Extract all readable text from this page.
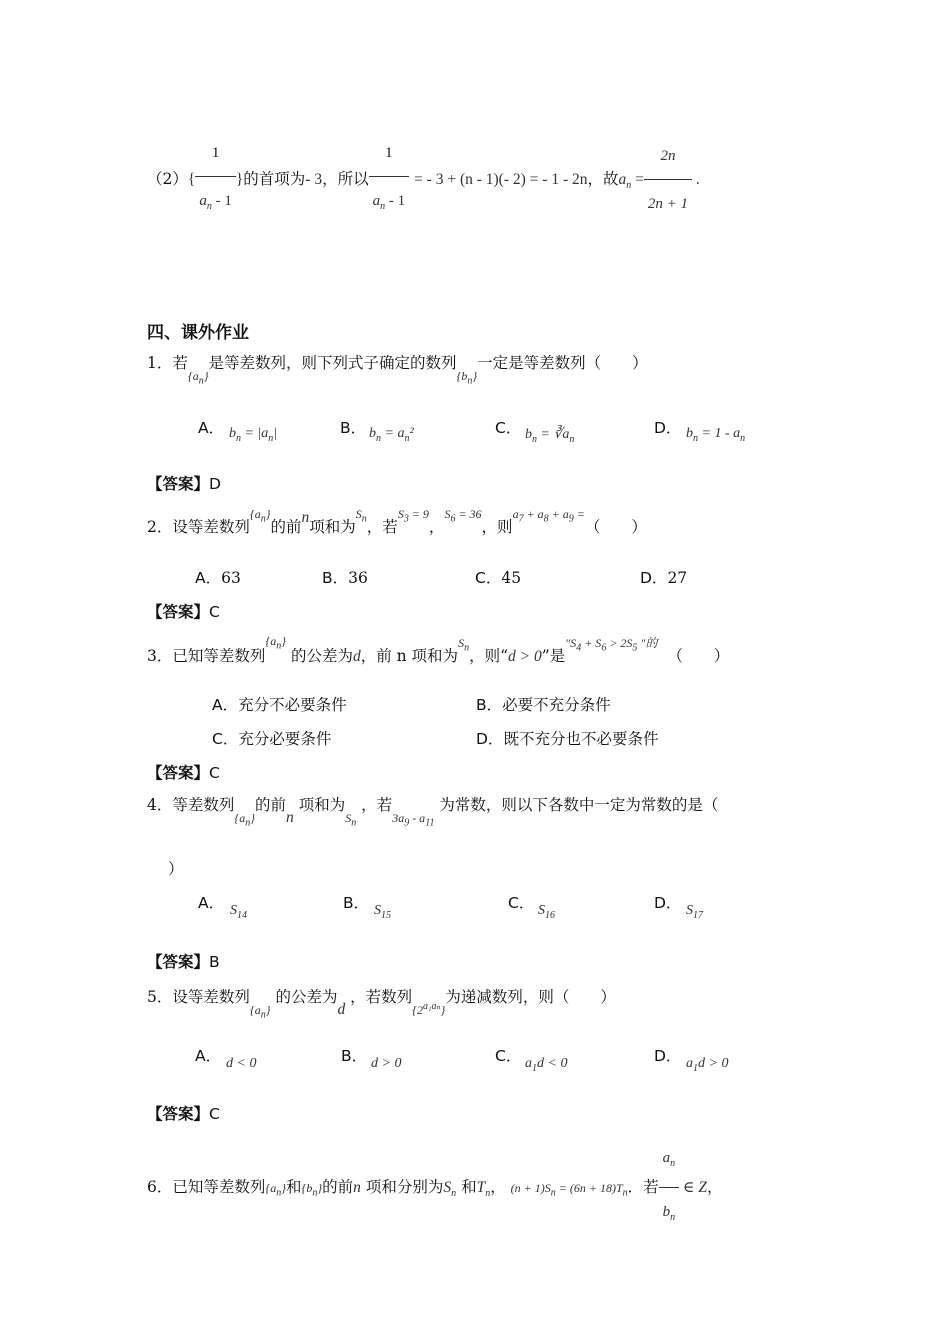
$(2)\{ \frac{1}{a_n - 1}$ }的首项为- 3，所以 $\frac{1}{a_n - 1}$ = - 3 + (n - 1)(- 2) = - 1 - 2n，故$a_n = \frac{2n}{2n + 1}$ .
四、课外作业
1．若$_{\{a_n\}}$是等差数列，则下列式子确定的数列$_{\{b_n\}}$一定是等差数列（　　）
A． $b_n = |a_n|$	B． $b_n = a_n^2$	C． $b_n$ = $∛a_n$
D． $b_n = 1 - a_n$
【答案】D
2．设等差数列$^{\{a_n\}}$的前n项和为$^{S_n}$，若$^{S_3 = 9}$，$^{S_6 = 36}$，则$^{a_7 + a_8 + a_9 =}$（　　）
A．63	B．36	C．45	D．27
【答案】C
3．已知等差数列$^{\{a_n\}}$ 的公差为d，前 n 项和为$^{S_n}$，则“d > 0”是$^{"S_4 + S_6 > 2S_5 "的}$  （　　）
A．充分不必要条件	B．必要不充分条件
C．充分必要条件	D．既不充分也不必要条件
【答案】C
4．等差数列$_{\{a_n\}}$的前n 项和为$_{S_n}$ ，若$_{3a_9 - a_{11}}$ 为常数，则以下各数中一定为常数的是（
）
A． $S_{14}$
B． $S_{15}$
C． $S_{16}$
D． $S_{17}$
【答案】B
5．设等差数列$_{\{a_n\}}$ 的公差为d ，若数列$_{\{2^{a_1a_n}\}}$为递减数列，则（　　）
A． d < 0	B． d > 0	C． $a_1d < 0$	D． $a_1d > 0$
【答案】C
6．已知等差数列$\{a_n\}$和$\{b_n\}$的前n 项和分别为$S_n$ 和$T_n$， $(n + 1)S_n = (6n + 18)T_n$．若 $\frac{a_n}{b_n}$ ∈ Z，
